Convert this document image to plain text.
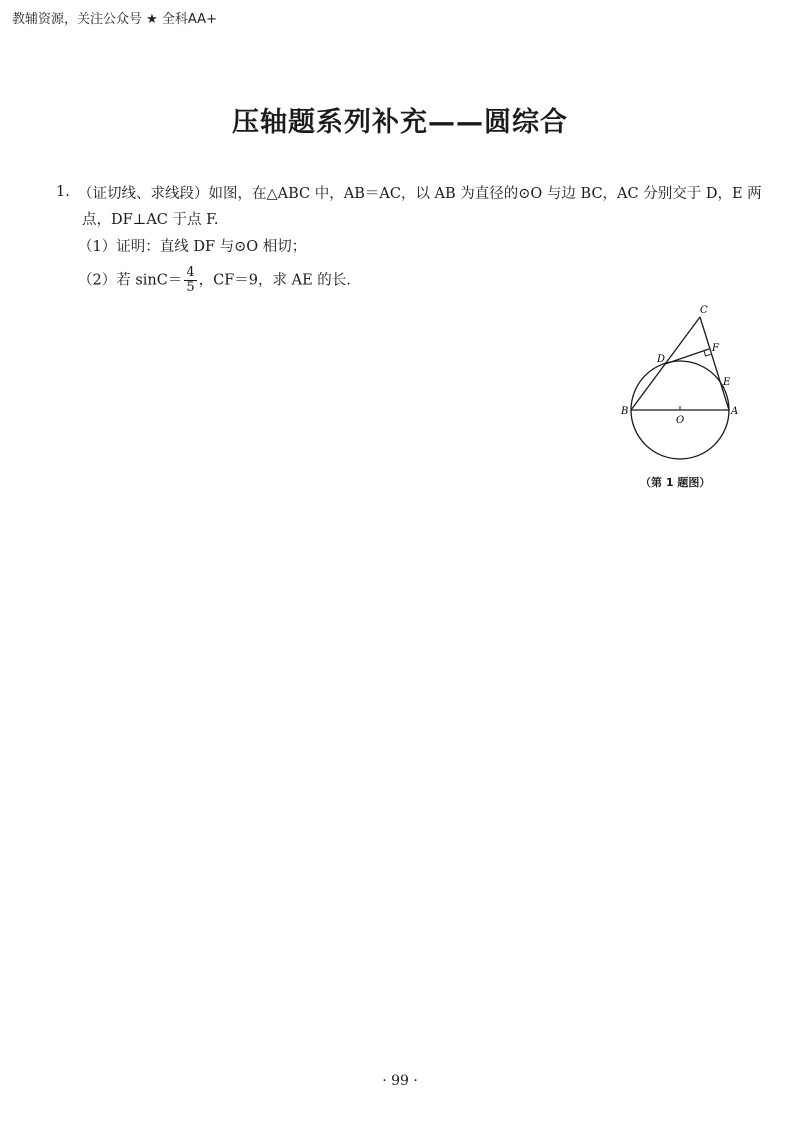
教辅资源，关注公众号 ★ 全科AA+
压轴题系列补充——圆综合
1. （证切线、求线段）如图，在△ABC 中，AB＝AC，以 AB 为直径的⊙O 与边 BC，AC 分别交于 D，E 两
点，DF⊥AC 于点 F.
（1）证明：直线 DF 与⊙O 相切；
（2）若 $\sin C= \frac{4}{5}$ ，CF＝9，求 AE 的长.
B	A
O
C
D
E
F
（第 1 题图）
· 99 ·
